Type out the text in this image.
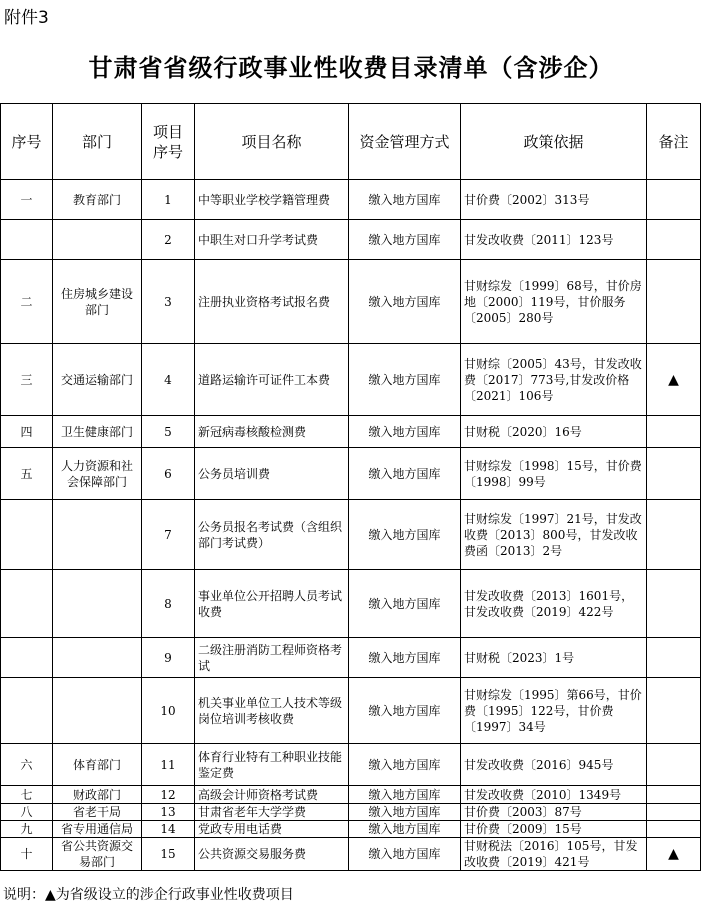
附件3
甘肃省省级行政事业性收费目录清单（含涉企）
序号	部门	项目序号	项目名称	资金管理方式	政策依据	备注
一	教育部门	1	中等职业学校学籍管理费	缴入地方国库	甘价费〔2002〕313号	
		2	中职生对口升学考试费	缴入地方国库	甘发改收费〔2011〕123号	
二	住房城乡建设部门	3	注册执业资格考试报名费	缴入地方国库	甘财综发〔1999〕68号，甘价房地〔2000〕119号，甘价服务〔2005〕280号	
三	交通运输部门	4	道路运输许可证件工本费	缴入地方国库	甘财综〔2005〕43号，甘发改收费〔2017〕773号,甘发改价格〔2021〕106号	▲
四	卫生健康部门	5	新冠病毒核酸检测费	缴入地方国库	甘财税〔2020〕16号	
五	人力资源和社会保障部门	6	公务员培训费	缴入地方国库	甘财综发〔1998〕15号，甘价费〔1998〕99号	
		7	公务员报名考试费（含组织部门考试费）	缴入地方国库	甘财综发〔1997〕21号，甘发改收费〔2013〕800号，甘发改收费函〔2013〕2号	
		8	事业单位公开招聘人员考试收费	缴入地方国库	甘发改收费〔2013〕1601号，甘发改收费〔2019〕422号	
		9	二级注册消防工程师资格考试	缴入地方国库	甘财税〔2023〕1号	
		10	机关事业单位工人技术等级岗位培训考核收费	缴入地方国库	甘财综发〔1995〕第66号，甘价费〔1995〕122号，甘价费〔1997〕34号	
六	体育部门	11	体育行业特有工种职业技能鉴定费	缴入地方国库	甘发改收费〔2016〕945号	
七	财政部门	12	高级会计师资格考试费	缴入地方国库	甘发改收费〔2010〕1349号	
八	省老干局	13	甘肃省老年大学学费	缴入地方国库	甘价费〔2003〕87号	
九	省专用通信局	14	党政专用电话费	缴入地方国库	甘价费〔2009〕15号	
十	省公共资源交易部门	15	公共资源交易服务费	缴入地方国库	甘财税法〔2016〕105号，甘发改收费〔2019〕421号	▲
说明：▲为省级设立的涉企行政事业性收费项目
